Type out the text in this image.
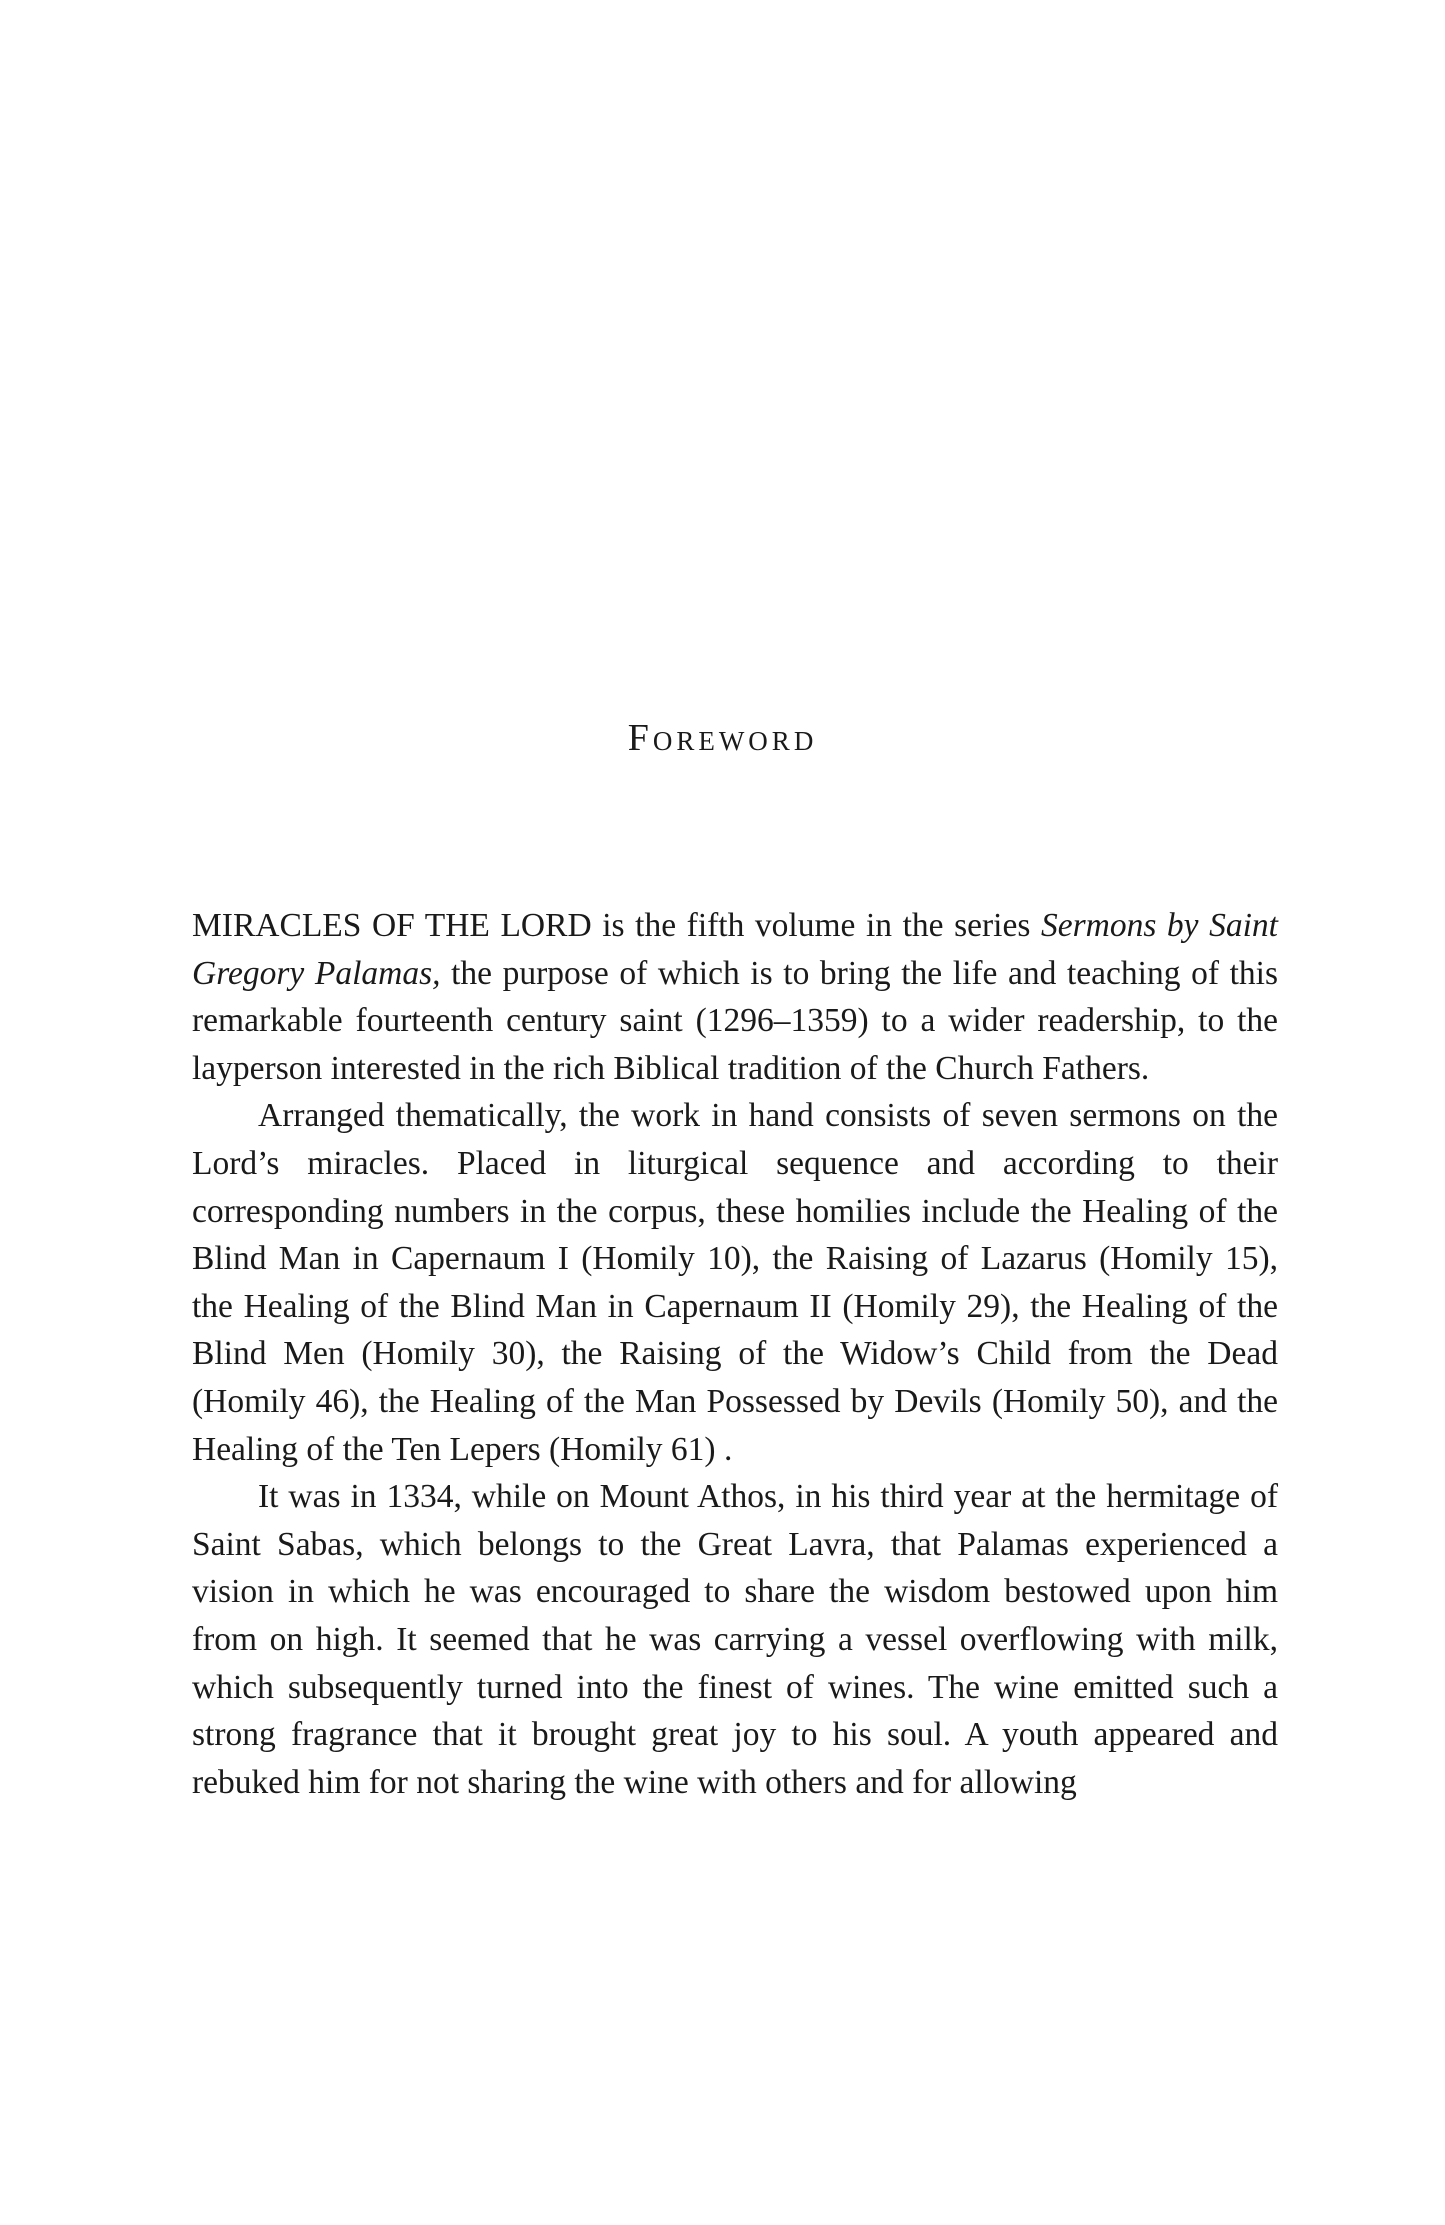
Foreword

MIRACLES OF THE LORD is the fifth volume in the series Sermons by Saint Gregory Palamas, the purpose of which is to bring the life and teaching of this remarkable fourteenth century saint (1296–1359) to a wider readership, to the layperson interested in the rich Biblical tradition of the Church Fathers.

Arranged thematically, the work in hand consists of seven sermons on the Lord’s miracles. Placed in liturgical sequence and according to their corresponding numbers in the corpus, these homilies include the Healing of the Blind Man in Capernaum I (Homily 10), the Raising of Lazarus (Homily 15), the Healing of the Blind Man in Capernaum II (Homily 29), the Healing of the Blind Men (Homily 30), the Raising of the Widow’s Child from the Dead (Homily 46), the Healing of the Man Possessed by Devils (Homily 50), and the Healing of the Ten Lepers (Homily 61) .

It was in 1334, while on Mount Athos, in his third year at the hermitage of Saint Sabas, which belongs to the Great Lavra, that Palamas experienced a vision in which he was encouraged to share the wisdom bestowed upon him from on high. It seemed that he was carrying a vessel overflowing with milk, which subsequently turned into the finest of wines. The wine emitted such a strong fragrance that it brought great joy to his soul. A youth appeared and rebuked him for not sharing the wine with others and for allowing
